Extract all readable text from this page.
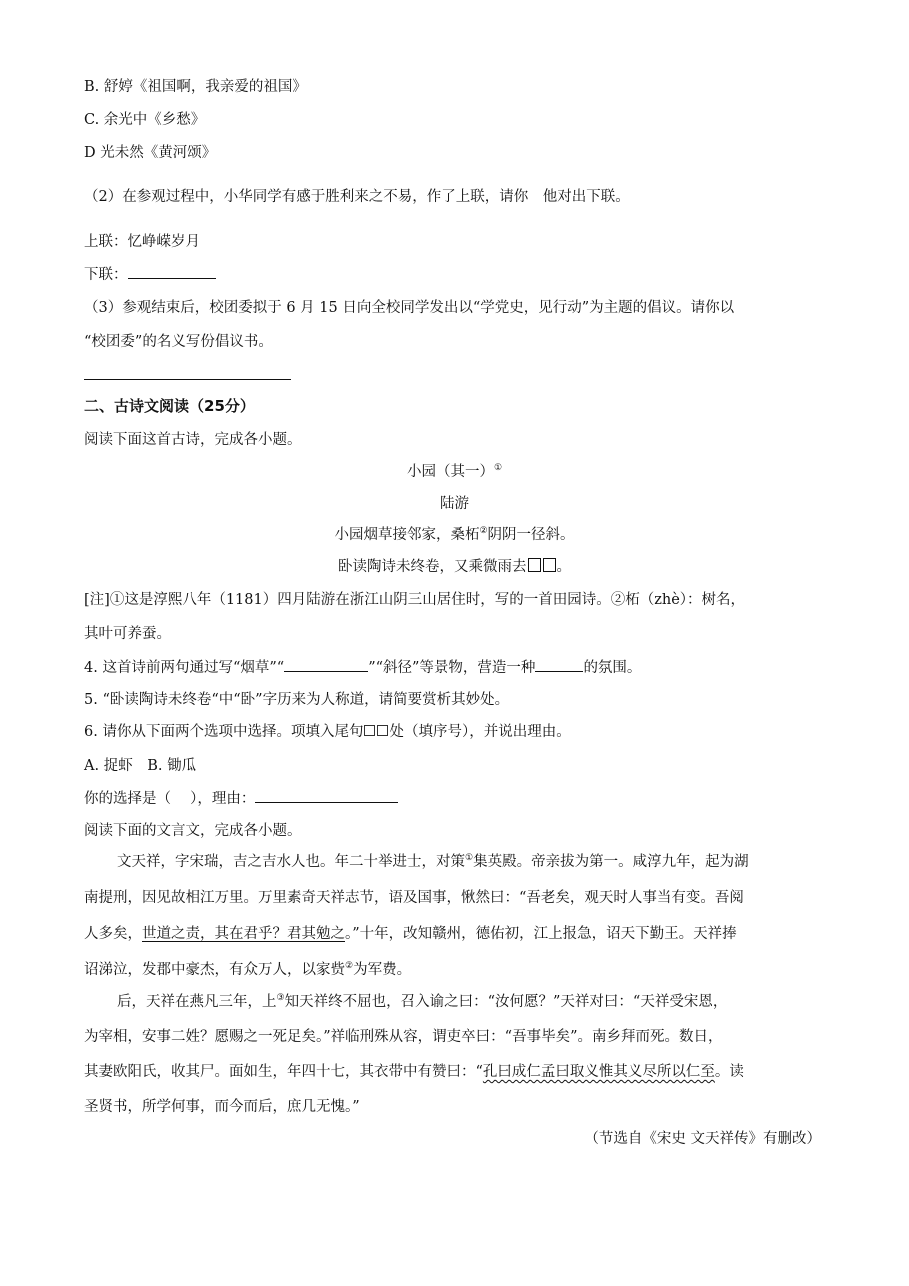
B. 舒婷《祖国啊，我亲爱的祖国》
C. 余光中《乡愁》
D 光未然《黄河颂》
（2）在参观过程中，小华同学有感于胜利来之不易，作了上联，请你　他对出下联。
上联：忆峥嵘岁月
下联：
（3）参观结束后，校团委拟于 6 月 15 日向全校同学发出以“学党史，见行动”为主题的倡议。请你以
“校团委”的名义写份倡议书。
二、古诗文阅读（25分）
阅读下面这首古诗，完成各小题。
小园（其一）①
陆游
小园烟草接邻家，桑柘②阴阴一径斜。
卧读陶诗未终卷，又乘微雨去 。
[注]①这是淳熙八年（1181）四月陆游在浙江山阴三山居住时，写的一首田园诗。②柘（zhè）：树名，
其叶可养蚕。
4. 这首诗前两句通过写“烟草”“	”“斜径”等景物，营造一种	的氛围。
5. “卧读陶诗未终卷“中“卧”字历来为人称道，请简要赏析其妙处。
6. 请你从下面两个选项中选择。项填入尾句 处（填序号），并说出理由。
A. 捉虾　B. 锄瓜
你的选择是（　 ），理由：
阅读下面的文言文，完成各小题。
文天祥，字宋瑞，吉之吉水人也。年二十举进士，对策①集英殿。帝亲拔为第一。咸淳九年，起为湖
南提刑，因见故相江万里。万里素奇天祥志节，语及国事，愀然曰：“吾老矣，观天时人事当有变。吾阅
人多矣，世道之责，其在君乎？君其勉之。”十年，改知赣州，德佑初，江上报急，诏天下勤王。天祥捧
诏涕泣，发郡中豪杰，有众万人，以家赀②为军费。
后，天祥在燕凡三年，上③知天祥终不屈也，召入谕之曰：“汝何愿？”天祥对曰：“天祥受宋恩，
为宰相，安事二姓？愿赐之一死足矣。”祥临刑殊从容，谓吏卒曰：“吾事毕矣”。南乡拜而死。数日，
其妻欧阳氏，收其尸。面如生，年四十七，其衣带中有赞曰：“孔曰成仁孟曰取义惟其义尽所以仁至。读
圣贤书，所学何事，而今而后，庶几无愧。”
（节选自《宋史 文天祥传》有删改）
